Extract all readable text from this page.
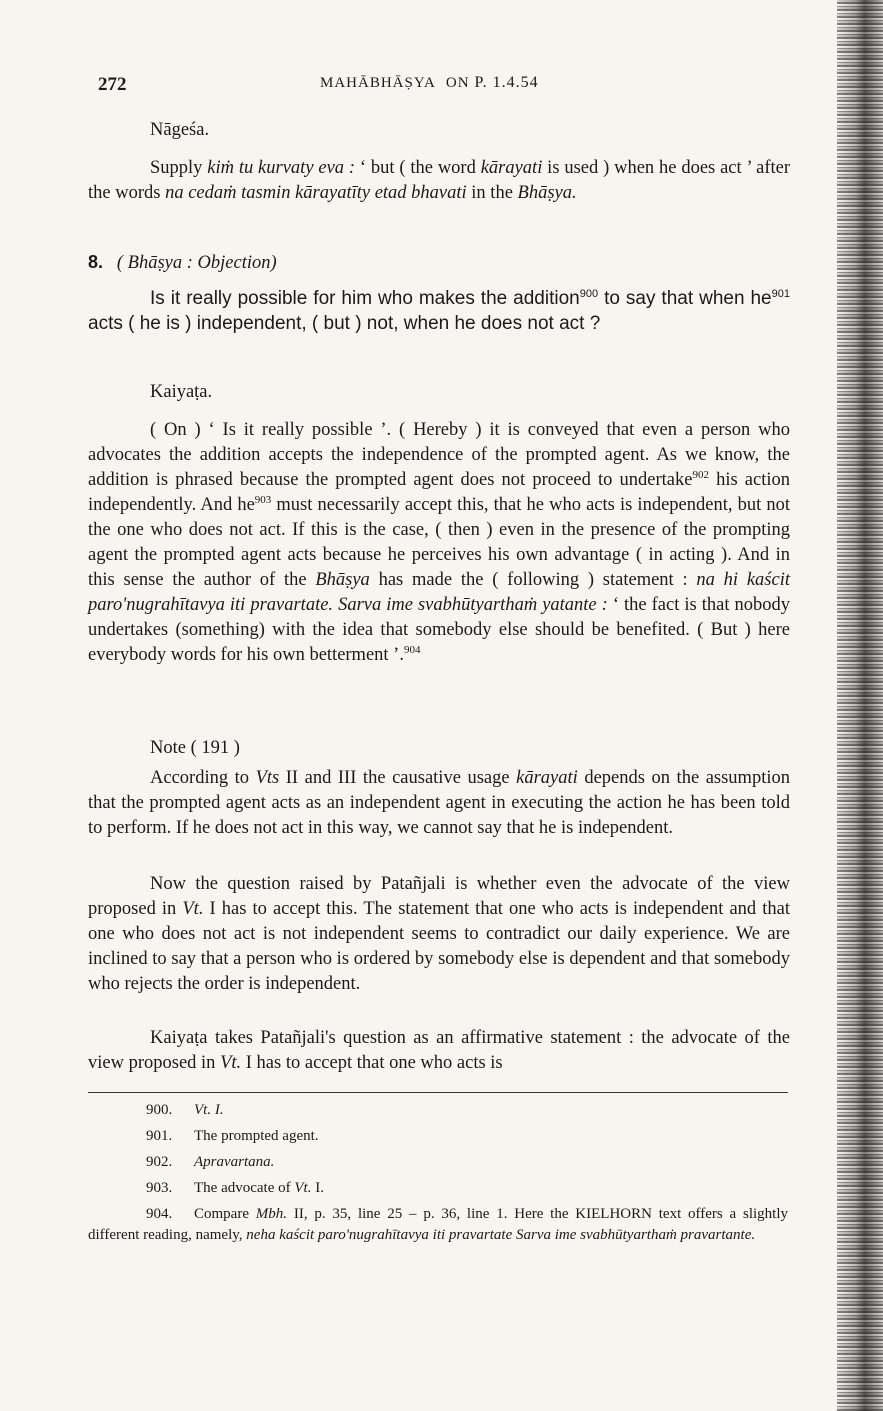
272	MAHĀBHĀṢYA ON P. 1.4.54

Nāgeśa.

Supply kiṁ tu kurvaty eva : ‘ but ( the word kārayati is used ) when he does act ’ after the words na cedaṁ tasmin kārayatīty etad bhavati in the Bhāṣya.

8. ( Bhāṣya : Objection)

Is it really possible for him who makes the addition$^{900}$ to say that when $he^{901}$ acts ( he is ) independent, ( but ) not, when he does not act ?

Kaiyaṭa.

( On ) ‘ Is it really possible ’. ( Hereby ) it is conveyed that even a person who advocates the addition accepts the independence of the prompted agent. As we know, the addition is phrased because the prompted agent does not proceed to undertake$^{902}$ his action independently. And $he^{903}$ must necessarily accept this, that he who acts is independent, but not the one who does not act. If this is the case, ( then ) even in the presence of the prompting agent the prompted agent acts because he perceives his own advantage ( in acting ). And in this sense the author of the Bhāṣya has made the ( following ) statement : na hi kaścit paro'nugrahītavya iti pravartate. Sarva ime svabhūtyarthaṁ yatante : ‘ the fact is that nobody undertakes (something) with the idea that somebody else should be benefited. ( But ) here everybody words for his own betterment ’.$^{904}$

Note ( 191 )

According to Vts II and III the causative usage kārayati depends on the assumption that the prompted agent acts as an independent agent in executing the action he has been told to perform. If he does not act in this way, we cannot say that he is independent.

Now the question raised by Patañjali is whether even the advocate of the view proposed in Vt. I has to accept this. The statement that one who acts is independent and that one who does not act is not independent seems to contradict our daily experience. We are inclined to say that a person who is ordered by somebody else is dependent and that somebody who rejects the order is independent.

Kaiyaṭa takes Patañjali's question as an affirmative statement : the advocate of the view proposed in Vt. I has to accept that one who acts is

900. Vt. I.
901. The prompted agent.
902. Apravartana.
903. The advocate of Vt. I.

904. Compare Mbh. II, p. 35, line 25 – p. 36, line 1. Here the KIELHORN text offers a slightly different reading, namely, neha kaścit paro'nugrahītavya iti pravartate Sarva ime svabhūtyarthaṁ pravartante.
